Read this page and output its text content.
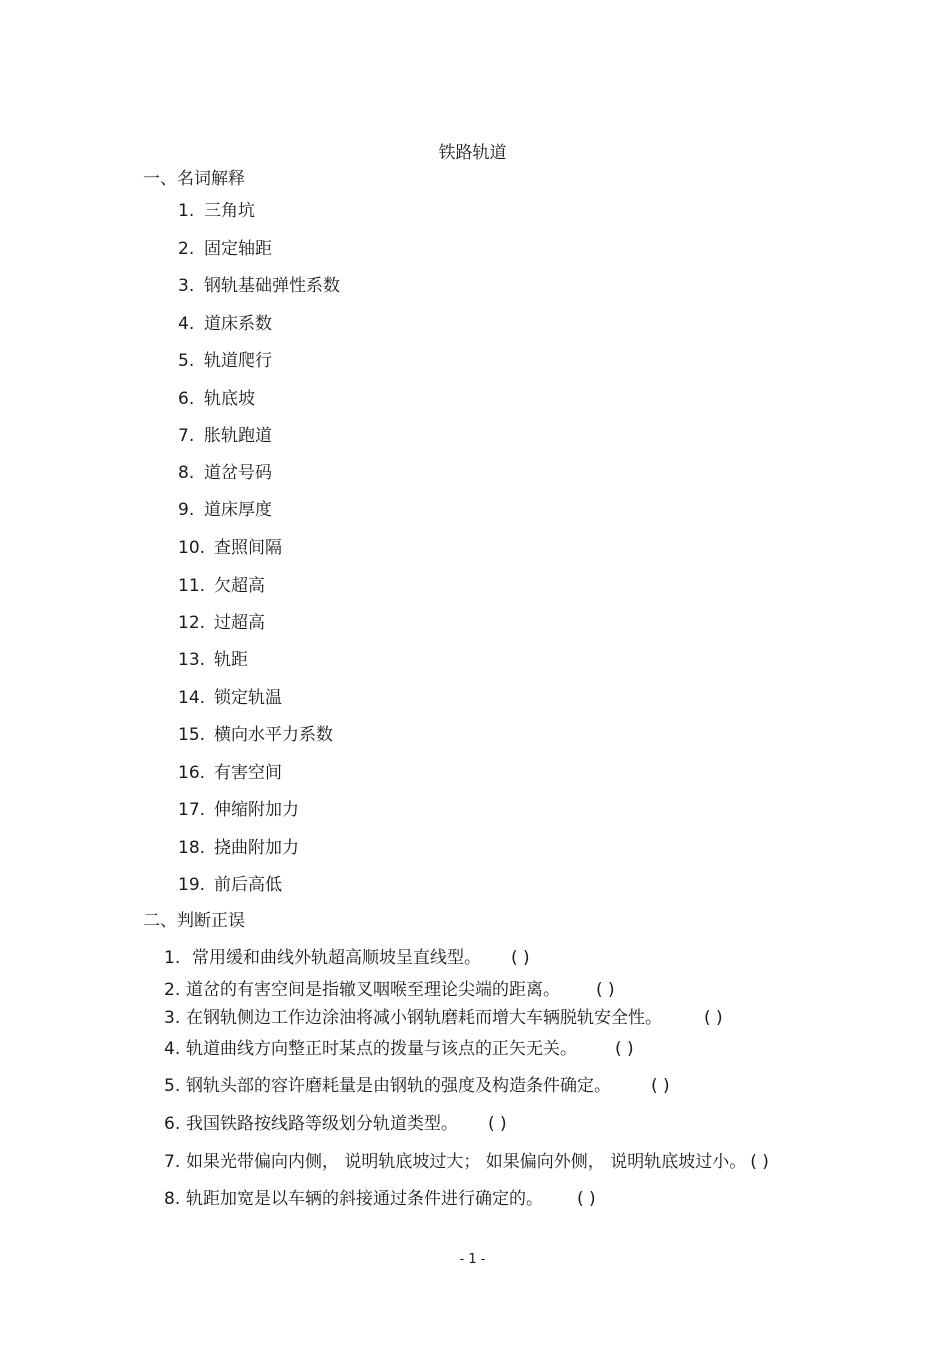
铁路轨道
一、名词解释
1. 三角坑
2. 固定轴距
3. 钢轨基础弹性系数
4. 道床系数
5. 轨道爬行
6. 轨底坡
7. 胀轨跑道
8. 道岔号码
9. 道床厚度
10. 查照间隔
11. 欠超高
12. 过超高
13. 轨距
14. 锁定轨温
15. 横向水平力系数
16. 有害空间
17. 伸缩附加力
18. 挠曲附加力
19. 前后高低
二、判断正误
1. 常用缓和曲线外轨超高顺坡呈直线型。 ( )
2. 道岔的有害空间是指辙叉咽喉至理论尖端的距离。 ( )
3. 在钢轨侧边工作边涂油将减小钢轨磨耗而增大车辆脱轨安全性。 ( )
4. 轨道曲线方向整正时某点的拨量与该点的正矢无关。 ( )
5. 钢轨头部的容许磨耗量是由钢轨的强度及构造条件确定。 ( )
6. 我国铁路按线路等级划分轨道类型。 ( )
7. 如果光带偏向内侧， 说明轨底坡过大； 如果偏向外侧， 说明轨底坡过小。 ( )
8. 轨距加宽是以车辆的斜接通过条件进行确定的。 ( )
- 1 -
